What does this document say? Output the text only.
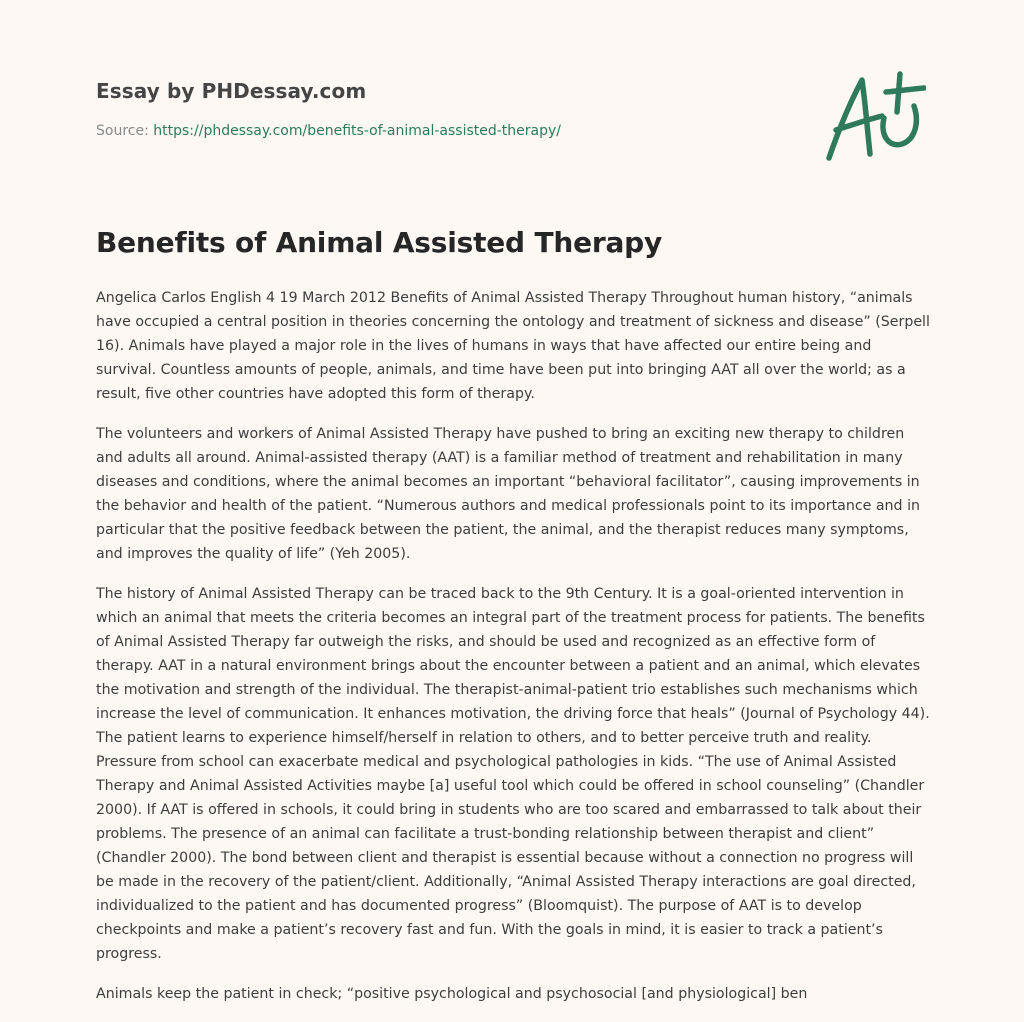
Essay by PHDessay.com

Source: https://phdessay.com/benefits-of-animal-assisted-therapy/

Benefits of Animal Assisted Therapy

Angelica Carlos English 4 19 March 2012 Benefits of Animal Assisted Therapy Throughout human history, “animals have occupied a central position in theories concerning the ontology and treatment of sickness and disease” (Serpell 16). Animals have played a major role in the lives of humans in ways that have affected our entire being and survival. Countless amounts of people, animals, and time have been put into bringing AAT all over the world; as a result, five other countries have adopted this form of therapy.

The volunteers and workers of Animal Assisted Therapy have pushed to bring an exciting new therapy to children and adults all around. Animal-assisted therapy (AAT) is a familiar method of treatment and rehabilitation in many diseases and conditions, where the animal becomes an important “behavioral facilitator”, causing improvements in the behavior and health of the patient. “Numerous authors and medical professionals point to its importance and in particular that the positive feedback between the patient, the animal, and the therapist reduces many symptoms, and improves the quality of life” (Yeh 2005).

The history of Animal Assisted Therapy can be traced back to the 9th Century. It is a goal-oriented intervention in which an animal that meets the criteria becomes an integral part of the treatment process for patients. The benefits of Animal Assisted Therapy far outweigh the risks, and should be used and recognized as an effective form of therapy. AAT in a natural environment brings about the encounter between a patient and an animal, which elevates the motivation and strength of the individual. The therapist-animal-patient trio establishes such mechanisms which increase the level of communication. It enhances motivation, the driving force that heals” (Journal of Psychology 44). The patient learns to experience himself/herself in relation to others, and to better perceive truth and reality. Pressure from school can exacerbate medical and psychological pathologies in kids. “The use of Animal Assisted Therapy and Animal Assisted Activities maybe [a] useful tool which could be offered in school counseling” (Chandler 2000). If AAT is offered in schools, it could bring in students who are too scared and embarrassed to talk about their problems. The presence of an animal can facilitate a trust-bonding relationship between therapist and client” (Chandler 2000). The bond between client and therapist is essential because without a connection no progress will be made in the recovery of the patient/client. Additionally, “Animal Assisted Therapy interactions are goal directed, individualized to the patient and has documented progress” (Bloomquist). The purpose of AAT is to develop checkpoints and make a patient’s recovery fast and fun. With the goals in mind, it is easier to track a patient’s progress.

Animals keep the patient in check; “positive psychological and psychosocial [and physiological] ben
